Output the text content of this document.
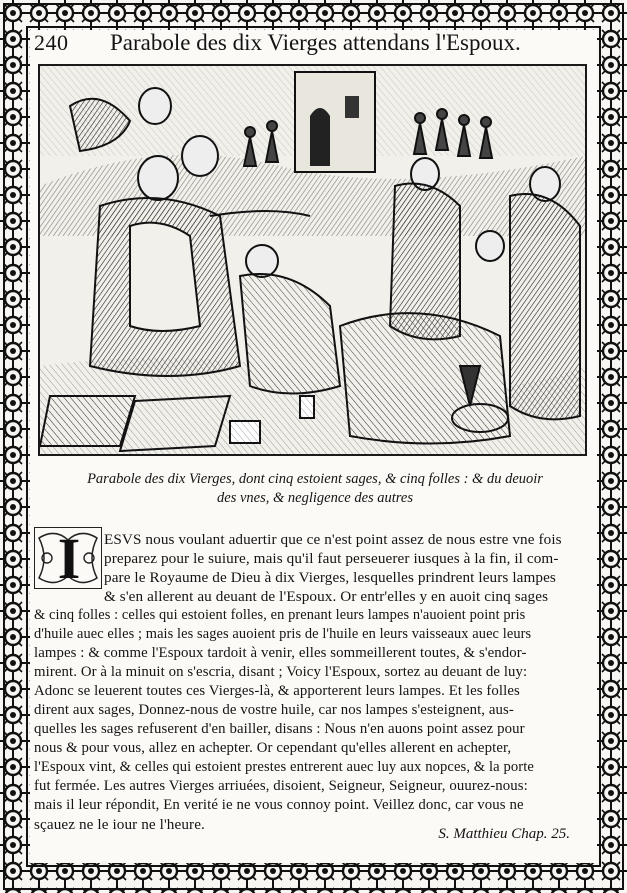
240 Parabole des dix Vierges attendans l'Espoux.
Parabole des dix Vierges, dont cinq estoient sages, & cinq folles : & du deuoir
des vnes, & negligence des autres
I	ESVS nous voulant aduertir que ce n'est point assez de nous estre vne fois
preparez pour le suiure, mais qu'il faut perseuerer iusques à la fin, il com-
pare le Royaume de Dieu à dix Vierges, lesquelles prindrent leurs lampes
& s'en allerent au deuant de l'Espoux. Or entr'elles y en auoit cinq sages
& cinq folles : celles qui estoient folles, en prenant leurs lampes n'auoient point pris
d'huile auec elles ; mais les sages auoient pris de l'huile en leurs vaisseaux auec leurs
lampes : & comme l'Espoux tardoit à venir, elles sommeillerent toutes, & s'endor-
mirent. Or à la minuit on s'escria, disant ; Voicy l'Espoux, sortez au deuant de luy:
Adonc se leuerent toutes ces Vierges-là, & apporterent leurs lampes. Et les folles
dirent aux sages, Donnez-nous de vostre huile, car nos lampes s'esteignent, aus-
quelles les sages refuserent d'en bailler, disans : Nous n'en auons point assez pour
nous & pour vous, allez en achepter. Or cependant qu'elles allerent en achepter,
l'Espoux vint, & celles qui estoient prestes entrerent auec luy aux nopces, & la porte
fut fermée. Les autres Vierges arriuées, disoient, Seigneur, Seigneur, ouurez-nous:
mais il leur répondit, En verité ie ne vous connoy point. Veillez donc, car vous ne
sçauez ne le iour ne l'heure.
S. Matthieu Chap. 25.
